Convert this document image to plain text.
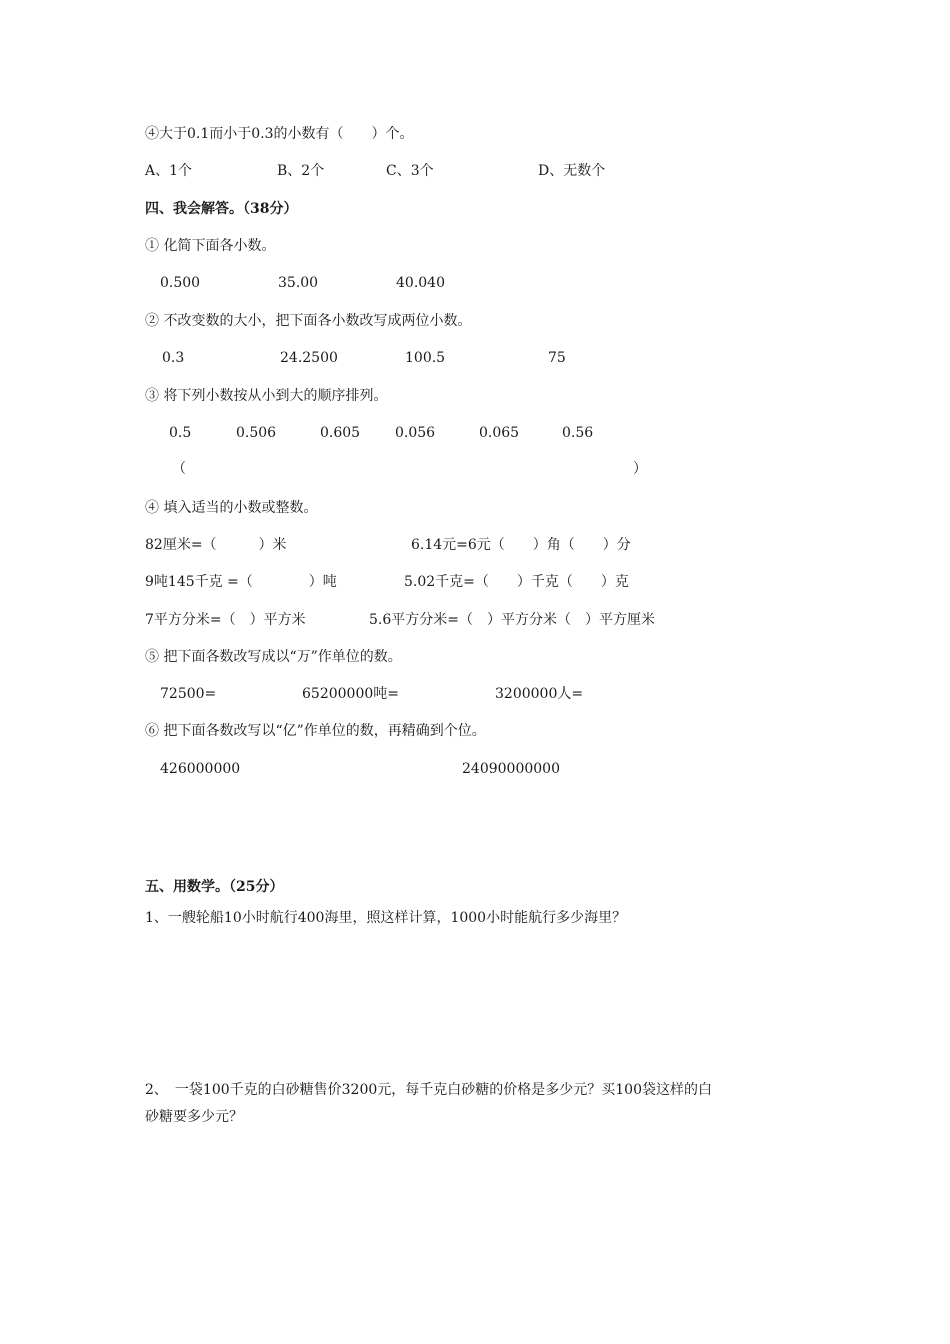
④大于0.1而小于0.3的小数有（　　）个。
A、1个	B、2个	C、3个	D、无数个
四、我会解答。（38分）
① 化简下面各小数。
0.500	35.00	40.040
② 不改变数的大小，把下面各小数改写成两位小数。
0.3	24.2500	100.5	75
③ 将下列小数按从小到大的顺序排列。
0.5	0.506	0.605 0.056	0.065	0.56
（	）
④ 填入适当的小数或整数。
82厘米=（　　　）米	6.14元=6元（　　）角（　　）分
9吨145千克 =（　　　　）吨	5.02千克=（　　）千克（　　）克
7平方分米=（　）平方米	5.6平方分米=（　）平方分米（　）平方厘米
⑤ 把下面各数改写成以“万”作单位的数。
72500=	65200000吨=	3200000人=
⑥ 把下面各数改写以“亿”作单位的数，再精确到个位。
426000000	24090000000
五、用数学。（25分）
1、一艘轮船10小时航行400海里，照这样计算，1000小时能航行多少海里？
2、　一袋100千克的白砂糖售价3200元，每千克白砂糖的价格是多少元？买100袋这样的白
砂糖要多少元？
